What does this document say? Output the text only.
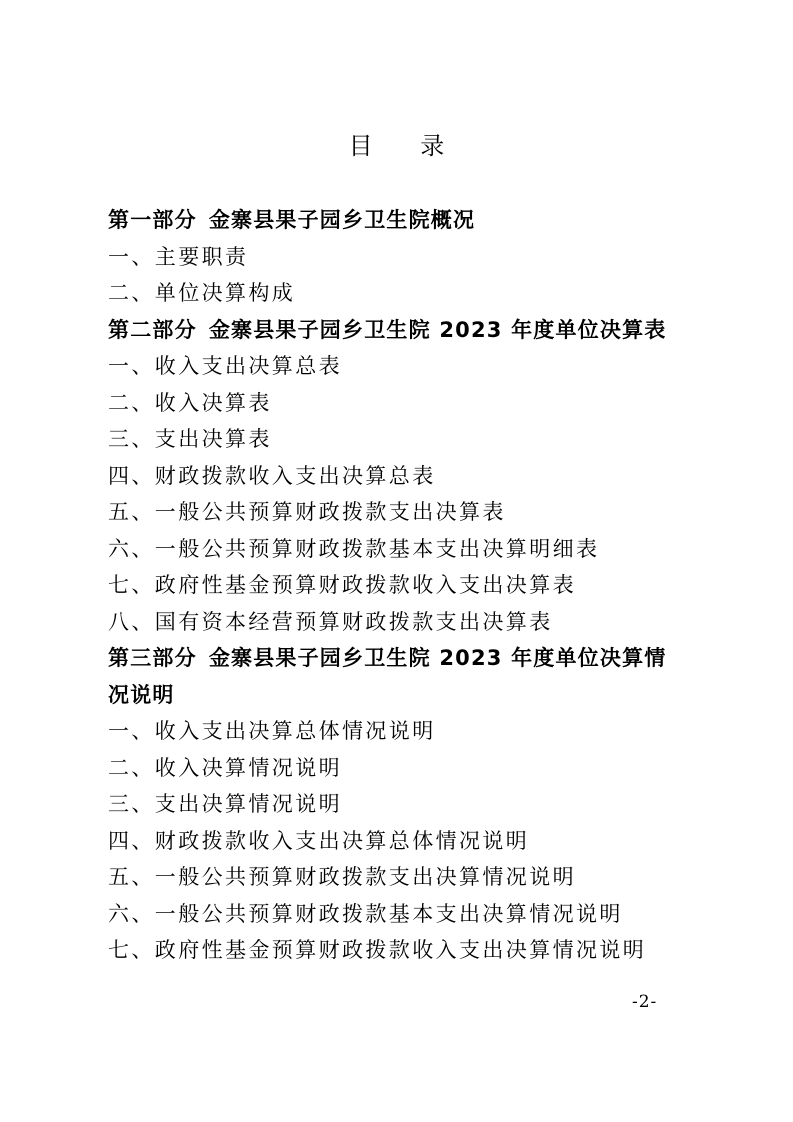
目 录
第一部分 金寨县果子园乡卫生院概况
一、主要职责
二、单位决算构成
第二部分 金寨县果子园乡卫生院 2023 年度单位决算表
一、收入支出决算总表
二、收入决算表
三、支出决算表
四、财政拨款收入支出决算总表
五、一般公共预算财政拨款支出决算表
六、一般公共预算财政拨款基本支出决算明细表
七、政府性基金预算财政拨款收入支出决算表
八、国有资本经营预算财政拨款支出决算表
第三部分 金寨县果子园乡卫生院 2023 年度单位决算情
况说明
一、收入支出决算总体情况说明
二、收入决算情况说明
三、支出决算情况说明
四、财政拨款收入支出决算总体情况说明
五、一般公共预算财政拨款支出决算情况说明
六、一般公共预算财政拨款基本支出决算情况说明
七、政府性基金预算财政拨款收入支出决算情况说明
-2-
